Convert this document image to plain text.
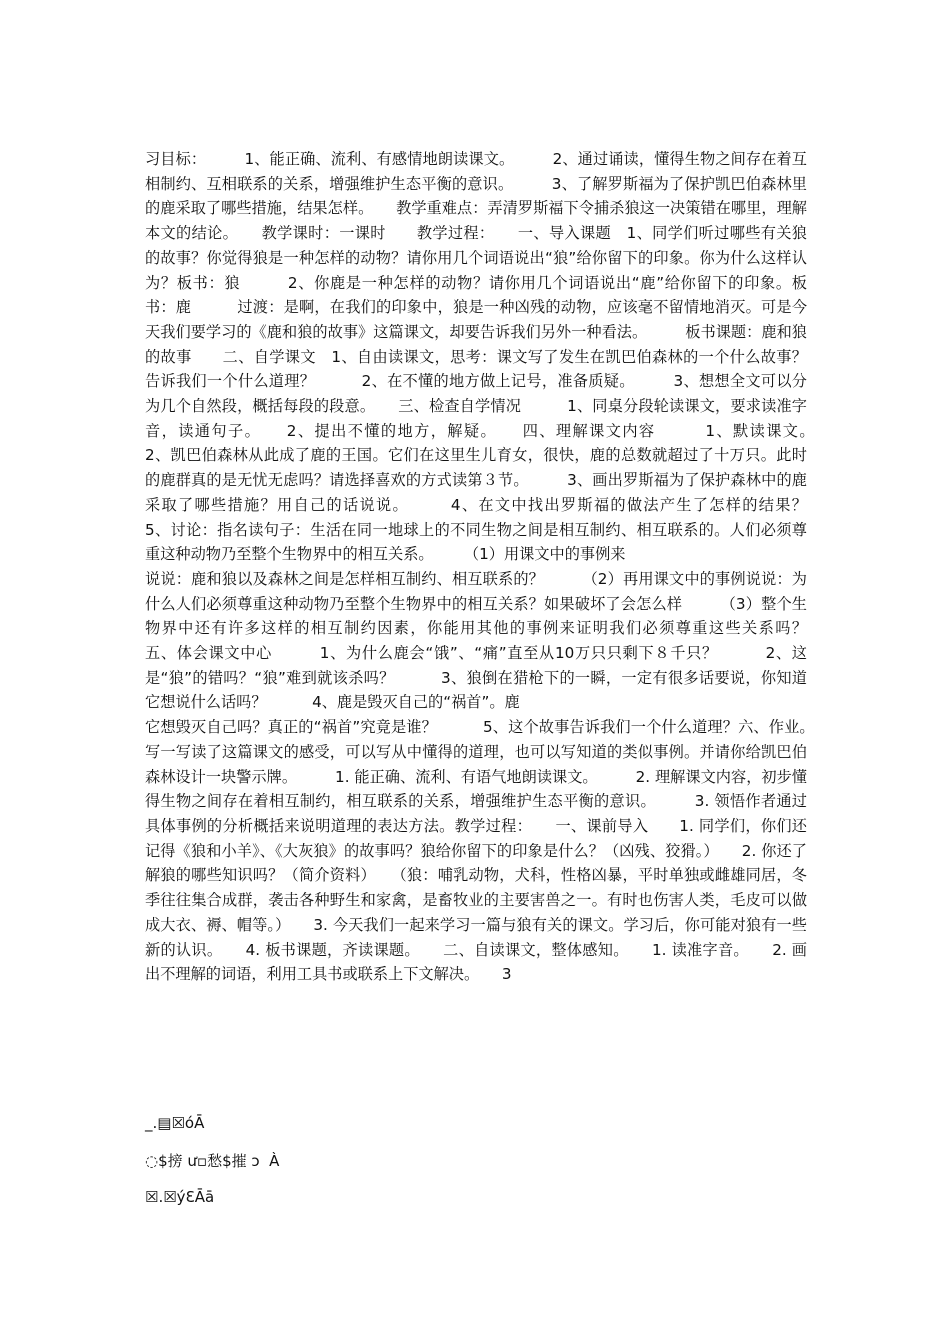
习目标：　　　1、能正确、流利、有感情地朗读课文。　　　2、通过诵读，懂得生物之间存在着互相制约、互相联系的关系，增强维护生态平衡的意识。　　　3、了解罗斯福为了保护凯巴伯森林里的鹿采取了哪些措施，结果怎样。　　教学重难点：弄清罗斯福下令捕杀狼这一决策错在哪里，理解本文的结论。　　教学课时：一课时　　教学过程：　　一、导入课题　1、同学们听过哪些有关狼的故事？你觉得狼是一种怎样的动物？请你用几个词语说出“狼”给你留下的印象。你为什么这样认为？板书：狼　　　2、你鹿是一种怎样的动物？请你用几个词语说出“鹿”给你留下的印象。板书：鹿　　　过渡：是啊，在我们的印象中，狼是一种凶残的动物，应该毫不留情地消灭。可是今天我们要学习的《鹿和狼的故事》这篇课文，却要告诉我们另外一种看法。　　　板书课题：鹿和狼的故事　　二、自学课文　1、自由读课文，思考：课文写了发生在凯巴伯森林的一个什么故事？告诉我们一个什么道理？　　　2、在不懂的地方做上记号，准备质疑。　　　3、想想全文可以分为几个自然段，概括每段的段意。　　三、检查自学情况　　　1、同桌分段轮读课文，要求读准字音，读通句子。　　2、提出不懂的地方，解疑。　　四、理解课文内容　　　1、默读课文。　　　2、凯巴伯森林从此成了鹿的王国。它们在这里生儿育女，很快，鹿的总数就超过了十万只。此时的鹿群真的是无忧无虑吗？请选择喜欢的方式读第３节。　　　3、画出罗斯福为了保护森林中的鹿采取了哪些措施？用自己的话说说。　　　4、在文中找出罗斯福的做法产生了怎样的结果？　　　5、讨论：指名读句子：生活在同一地球上的不同生物之间是相互制约、相互联系的。人们必须尊重这种动物乃至整个生物界中的相互关系。　　　（1）用课文中的事例来

说说：鹿和狼以及森林之间是怎样相互制约、相互联系的？　　　（2）再用课文中的事例说说：为什么人们必须尊重这种动物乃至整个生物界中的相互关系？如果破坏了会怎么样　　　（3）整个生物界中还有许多这样的相互制约因素，你能用其他的事例来证明我们必须尊重这些关系吗？　　五、体会课文中心　　　1、为什么鹿会“饿”、“痛”直至从10万只只剩下８千只？　　　2、这是“狼”的错吗？“狼”难到就该杀吗？　　　3、狼倒在猎枪下的一瞬，一定有很多话要说，你知道它想说什么话吗？　　　4、鹿是毁灭自己的“祸首”。鹿

它想毁灭自己吗？真正的“祸首”究竟是谁？　　　5、这个故事告诉我们一个什么道理？六、作业。　　　写一写读了这篇课文的感受，可以写从中懂得的道理，也可以写知道的类似事例。并请你给凯巴伯森林设计一块警示牌。　　　1. 能正确、流利、有语气地朗读课文。　　　2. 理解课文内容，初步懂得生物之间存在着相互制约，相互联系的关系，增强维护生态平衡的意识。　　　3. 领悟作者通过具体事例的分析概括来说明道理的表达方法。教学过程：　　一、课前导入　　1. 同学们，你们还记得《狼和小羊》、《大灰狼》的故事吗？狼给你留下的印象是什么？（凶残、狡猾。）　　2. 你还了解狼的哪些知识吗？（简介资料）　　（狼：哺乳动物，犬科，性格凶暴，平时单独或雌雄同居，冬季往往集合成群，袭击各种野生和家禽，是畜牧业的主要害兽之一。有时也伤害人类，毛皮可以做成大衣、褥、帽等。）　　3. 今天我们一起来学习一篇与狼有关的课文。学习后，你可能对狼有一些新的认识。　　4. 板书课题，齐读课题。　　二、自读课文，整体感知。　　1. 读准字音。　　2. 画出不理解的词语，利用工具书或联系上下文解决。　　3

_.▤☒óĀ

◌$搒 ư▫愁$摧 ɔ  À

☒.☒ýƐĀā
